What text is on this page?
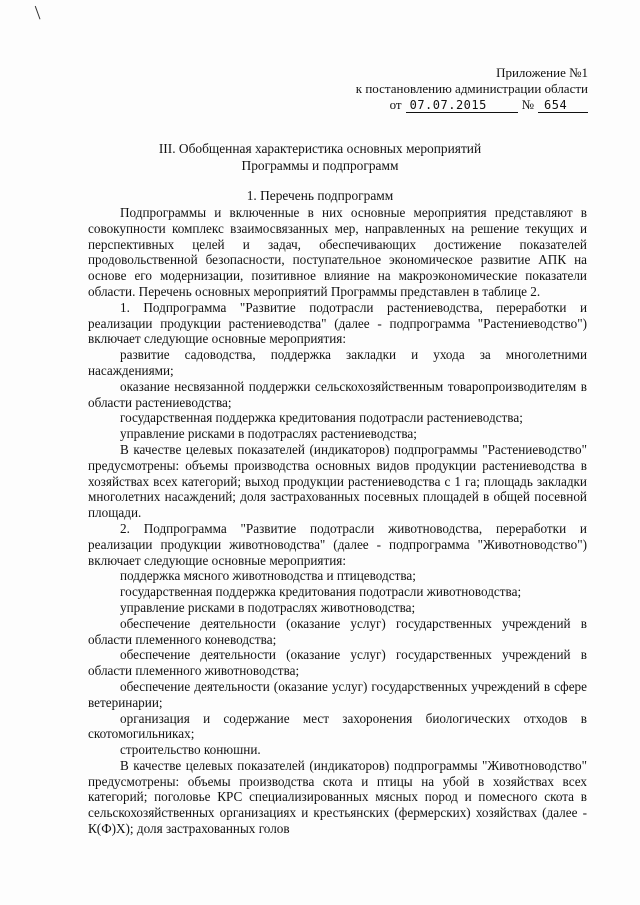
Приложение №1
к постановлению администрации области
от 07.07.2015	№ 654
III. Обобщенная характеристика основных мероприятий
Программы и подпрограмм
1. Перечень подпрограмм

Подпрограммы и включенные в них основные мероприятия представляют в совокупности комплекс взаимосвязанных мер, направленных на решение текущих и перспективных целей и задач, обеспечивающих достижение показателей продовольственной безопасности, поступательное экономическое развитие АПК на основе его модернизации, позитивное влияние на макроэкономические показатели области. Перечень основных мероприятий Программы представлен в таблице 2.

1. Подпрограмма "Развитие подотрасли растениеводства, переработки и реализации продукции растениеводства" (далее - подпрограмма "Растениеводство") включает следующие основные мероприятия:

развитие садоводства, поддержка закладки и ухода за многолетними насаждениями;

оказание несвязанной поддержки сельскохозяйственным товаропроизводителям в области растениеводства;

государственная поддержка кредитования подотрасли растениеводства;

управление рисками в подотраслях растениеводства;

В качестве целевых показателей (индикаторов) подпрограммы "Растениеводство" предусмотрены: объемы производства основных видов продукции растениеводства в хозяйствах всех категорий; выход продукции растениеводства с 1 га; площадь закладки многолетних насаждений; доля застрахованных посевных площадей в общей посевной площади.

2. Подпрограмма "Развитие подотрасли животноводства, переработки и реализации продукции животноводства" (далее - подпрограмма "Животноводство") включает следующие основные мероприятия:

поддержка мясного животноводства и птицеводства;

государственная поддержка кредитования подотрасли животноводства;

управление рисками в подотраслях животноводства;

обеспечение деятельности (оказание услуг) государственных учреждений в области племенного коневодства;

обеспечение деятельности (оказание услуг) государственных учреждений в области племенного животноводства;

обеспечение деятельности (оказание услуг) государственных учреждений в сфере ветеринарии;

организация и содержание мест захоронения биологических отходов в скотомогильниках;

строительство конюшни.

В качестве целевых показателей (индикаторов) подпрограммы "Животноводство" предусмотрены: объемы производства скота и птицы на убой в хозяйствах всех категорий; поголовье КРС специализированных мясных пород и помесного скота в сельскохозяйственных организациях и крестьянских (фермерских) хозяйствах (далее - К(Ф)Х); доля застрахованных голов
